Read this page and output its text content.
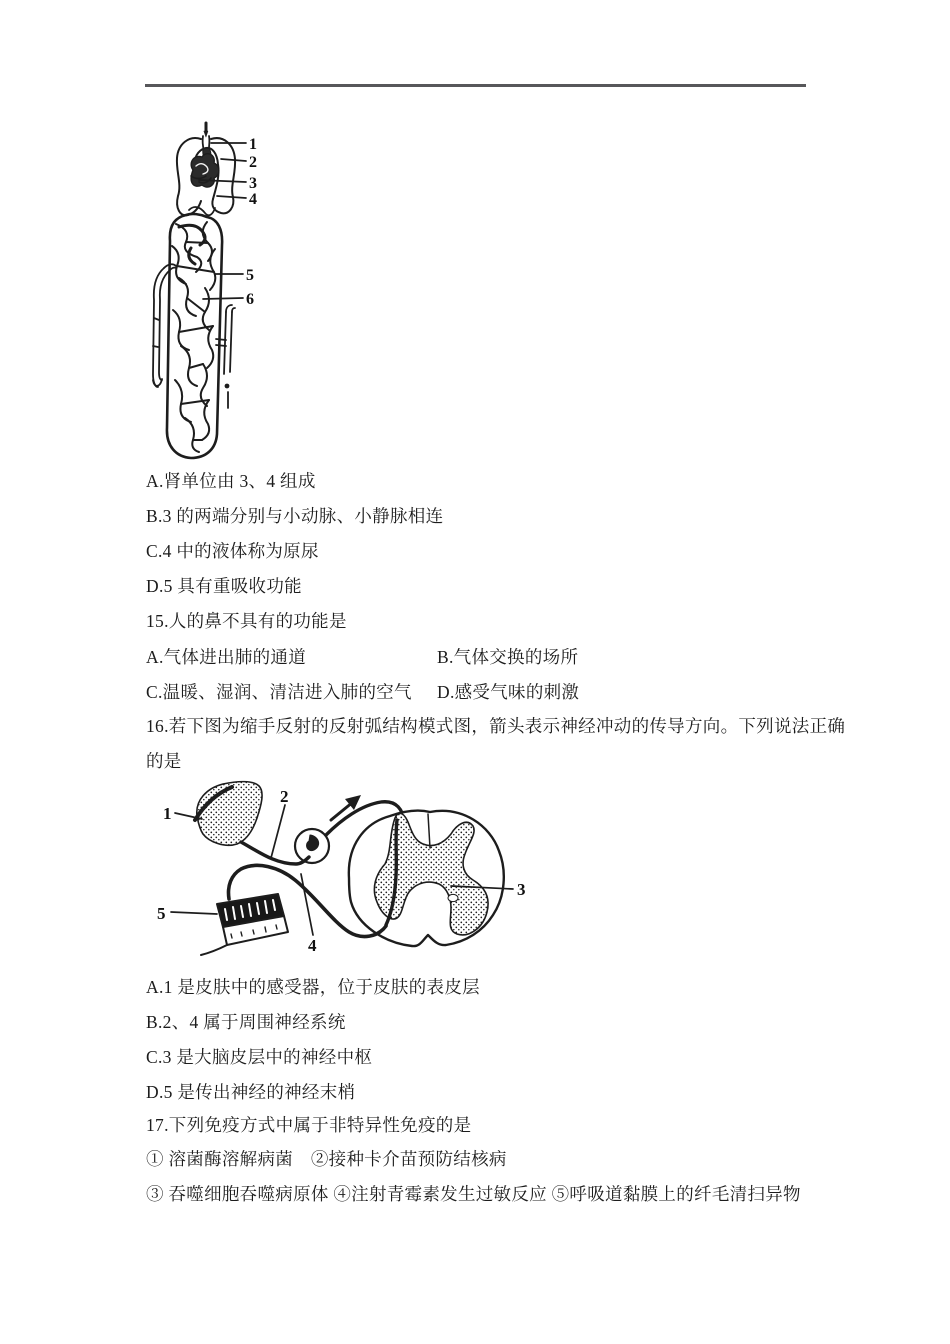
1
2
3
4
5
6
A.肾单位由 3、4 组成
B.3 的两端分别与小动脉、小静脉相连
C.4 中的液体称为原尿
D.5 具有重吸收功能
15.人的鼻不具有的功能是
A.气体进出肺的通道	B.气体交换的场所
C.温暖、湿润、清洁进入肺的空气 D.感受气味的刺激
16.若下图为缩手反射的反射弧结构模式图，箭头表示神经冲动的传导方向。下列说法正确
的是
1
2
3
4
5
A.1 是皮肤中的感受器，位于皮肤的表皮层
B.2、4 属于周围神经系统
C.3 是大脑皮层中的神经中枢
D.5 是传出神经的神经末梢
17.下列免疫方式中属于非特异性免疫的是
① 溶菌酶溶解病菌　②接种卡介苗预防结核病
③ 吞噬细胞吞噬病原体 ④注射青霉素发生过敏反应 ⑤呼吸道黏膜上的纤毛清扫异物
